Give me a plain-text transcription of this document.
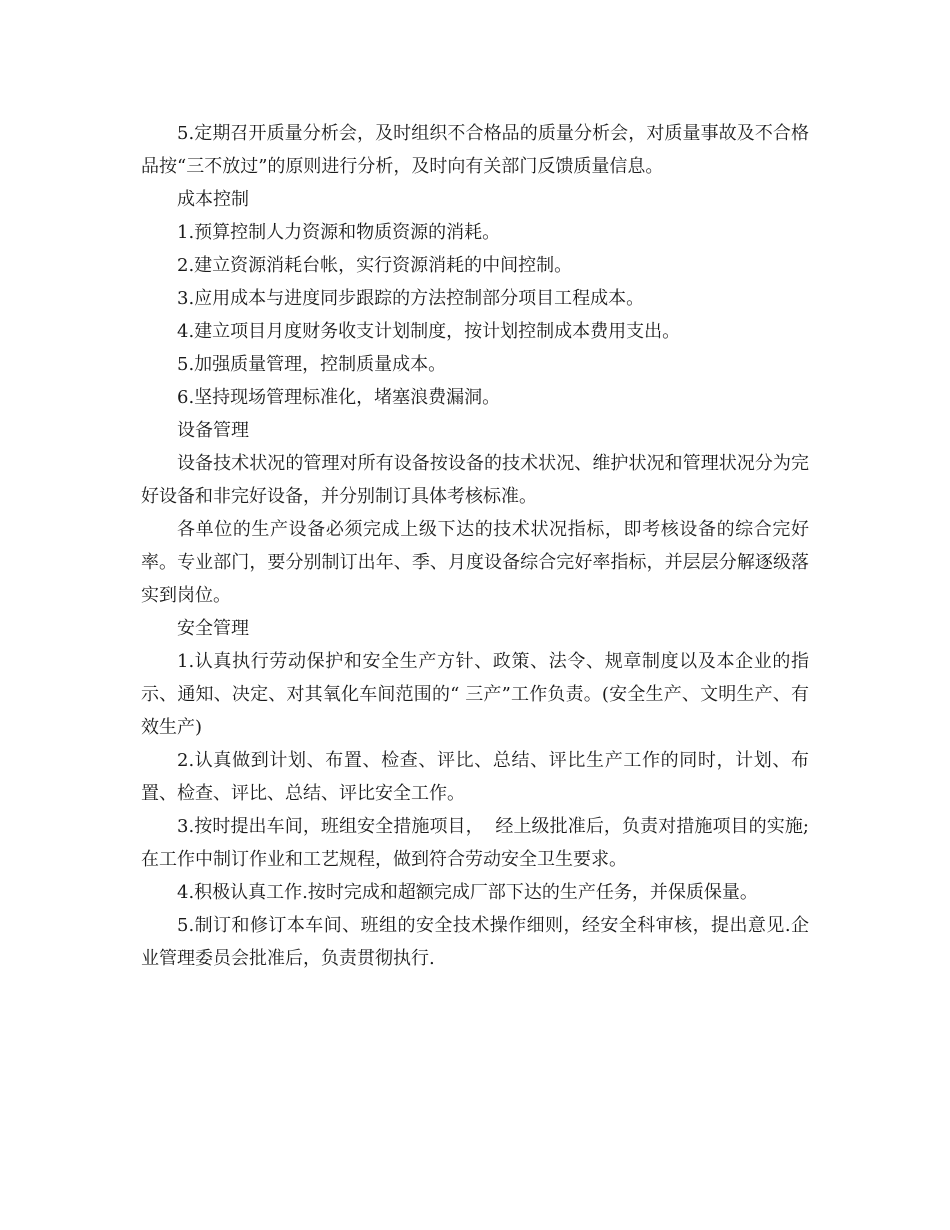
5.定期召开质量分析会，及时组织不合格品的质量分析会，对质量事故及不合格品按“三不放过”的原则进行分析，及时向有关部门反馈质量信息。

成本控制

1.预算控制人力资源和物质资源的消耗。

2.建立资源消耗台帐，实行资源消耗的中间控制。

3.应用成本与进度同步跟踪的方法控制部分项目工程成本。

4.建立项目月度财务收支计划制度，按计划控制成本费用支出。

5.加强质量管理，控制质量成本。

6.坚持现场管理标准化，堵塞浪费漏洞。

设备管理

设备技术状况的管理对所有设备按设备的技术状况、维护状况和管理状况分为完好设备和非完好设备，并分别制订具体考核标准。

各单位的生产设备必须完成上级下达的技术状况指标，即考核设备的综合完好率。专业部门，要分别制订出年、季、月度设备综合完好率指标，并层层分解逐级落实到岗位。

安全管理

1.认真执行劳动保护和安全生产方针、政策、法令、规章制度以及本企业的指示、通知、决定、对其氧化车间范围的“ 三产”工作负责。(安全生产、文明生产、有效生产)

2.认真做到计划、布置、检查、评比、总结、评比生产工作的同时，计划、布置、检查、评比、总结、评比安全工作。

3.按时提出车间，班组安全措施项目，  经上级批准后，负责对措施项目的实施;在工作中制订作业和工艺规程，做到符合劳动安全卫生要求。

4.积极认真工作.按时完成和超额完成厂部下达的生产任务，并保质保量。

5.制订和修订本车间、班组的安全技术操作细则，经安全科审核，提出意见.企业管理委员会批准后，负责贯彻执行.
